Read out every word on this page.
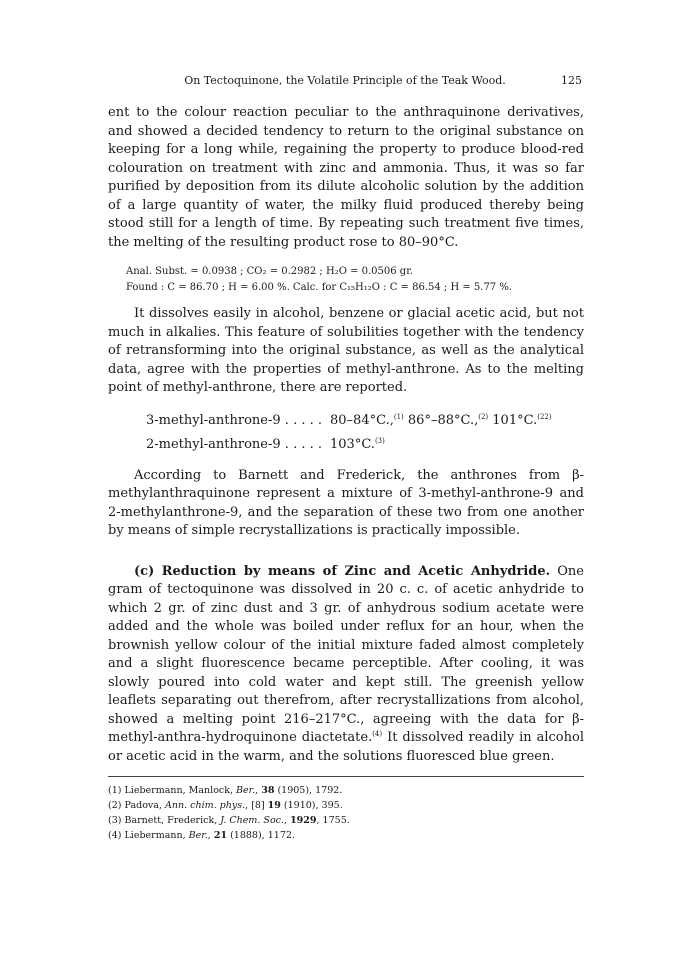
On Tectoquinone, the Volatile Principle of the Teak Wood.	125

ent to the colour reaction peculiar to the anthraquinone derivatives, and showed a decided tendency to return to the original substance on keeping for a long while, regaining the property to produce blood-red colouration on treatment with zinc and ammonia. Thus, it was so far purified by deposition from its dilute alcoholic solution by the addition of a large quantity of water, the milky fluid produced thereby being stood still for a length of time. By repeating such treatment five times, the melting of the resulting product rose to 80–90°C.

Anal. Subst. = 0.0938 ; CO₂ = 0.2982 ; H₂O = 0.0506 gr.
Found : C = 86.70 ; H = 6.00 %. Calc. for C₁₅H₁₂O : C = 86.54 ; H = 5.77 %.

It dissolves easily in alcohol, benzene or glacial acetic acid, but not much in alkalies. This feature of solubilities together with the tendency of retransforming into the original substance, as well as the analytical data, agree with the properties of methyl-anthrone. As to the melting point of methyl-anthrone, there are reported.

3-methyl-anthrone-9 . . . . . 80–84°C.,$^{(1)}$ 86°–88°C.,$^{(2)}$ 101°C.$^{(22)}$
2-methyl-anthrone-9 . . . . . 103°C.$^{(3)}$

According to Barnett and Frederick, the anthrones from β-methylanthraquinone represent a mixture of 3-methyl-anthrone-9 and 2-methylanthrone-9, and the separation of these two from one another by means of simple recrystallizations is practically impossible.

(c) Reduction by means of Zinc and Acetic Anhydride. One gram of tectoquinone was dissolved in 20 c. c. of acetic anhydride to which 2 gr. of zinc dust and 3 gr. of anhydrous sodium acetate were added and the whole was boiled under reflux for an hour, when the brownish yellow colour of the initial mixture faded almost completely and a slight fluorescence became perceptible. After cooling, it was slowly poured into cold water and kept still. The greenish yellow leaflets separating out therefrom, after recrystallizations from alcohol, showed a melting point 216–217°C., agreeing with the data for β-methyl-anthra-hydroquinone diactetate.$^{(4)}$ It dissolved readily in alcohol or acetic acid in the warm, and the solutions fluoresced blue green.

(1) Liebermann, Manlock, Ber., 38 (1905), 1792.
(2) Padova, Ann. chim. phys., [8] 19 (1910), 395.
(3) Barnett, Frederick, J. Chem. Soc., 1929, 1755.
(4) Liebermann, Ber., 21 (1888), 1172.
